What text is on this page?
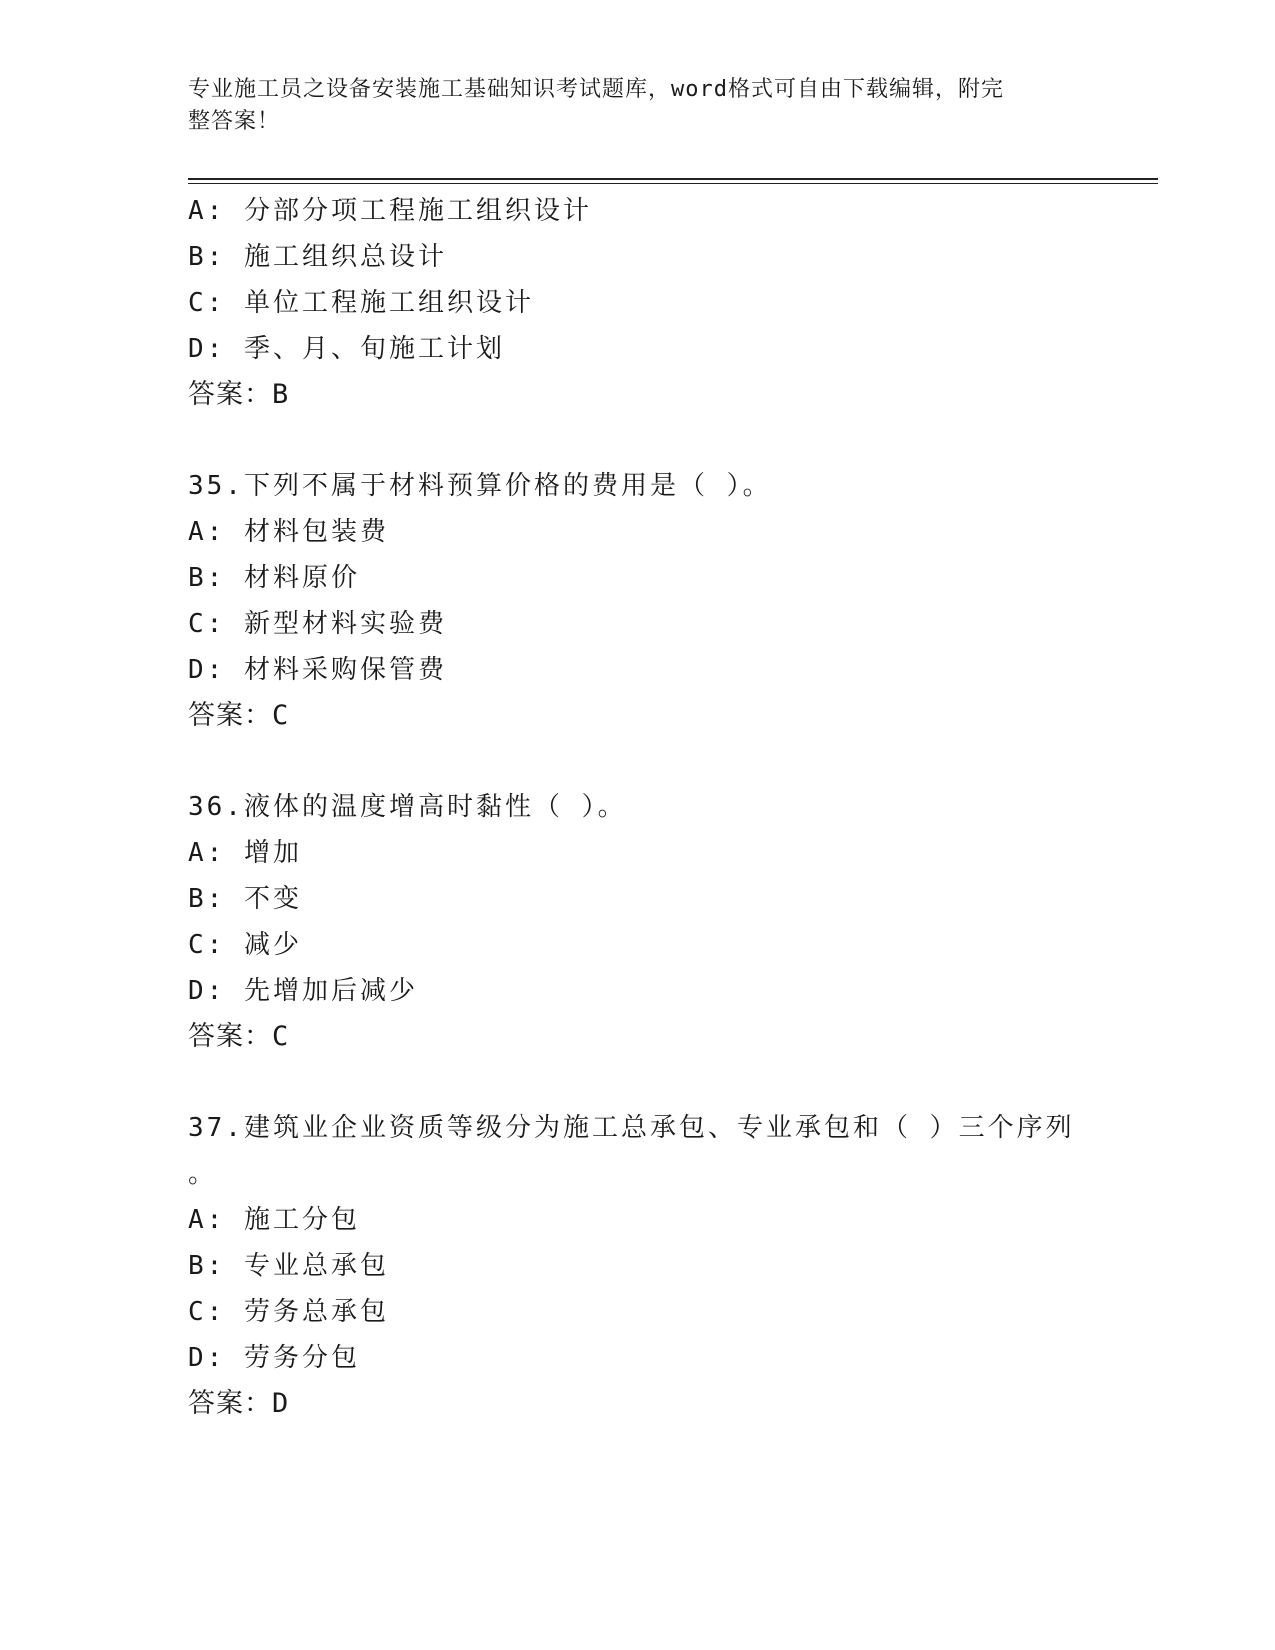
专业施工员之设备安装施工基础知识考试题库，word格式可自由下载编辑，附完
整答案！
A: 分部分项工程施工组织设计
B: 施工组织总设计
C: 单位工程施工组织设计
D: 季、月、旬施工计划
答案：B
35.下列不属于材料预算价格的费用是（ ）。
A: 材料包装费
B: 材料原价
C: 新型材料实验费
D: 材料采购保管费
答案：C
36.液体的温度增高时黏性（ ）。
A: 增加
B: 不变
C: 减少
D: 先增加后减少
答案：C
37.建筑业企业资质等级分为施工总承包、专业承包和（ ）三个序列
。
A: 施工分包
B: 专业总承包
C: 劳务总承包
D: 劳务分包
答案：D
